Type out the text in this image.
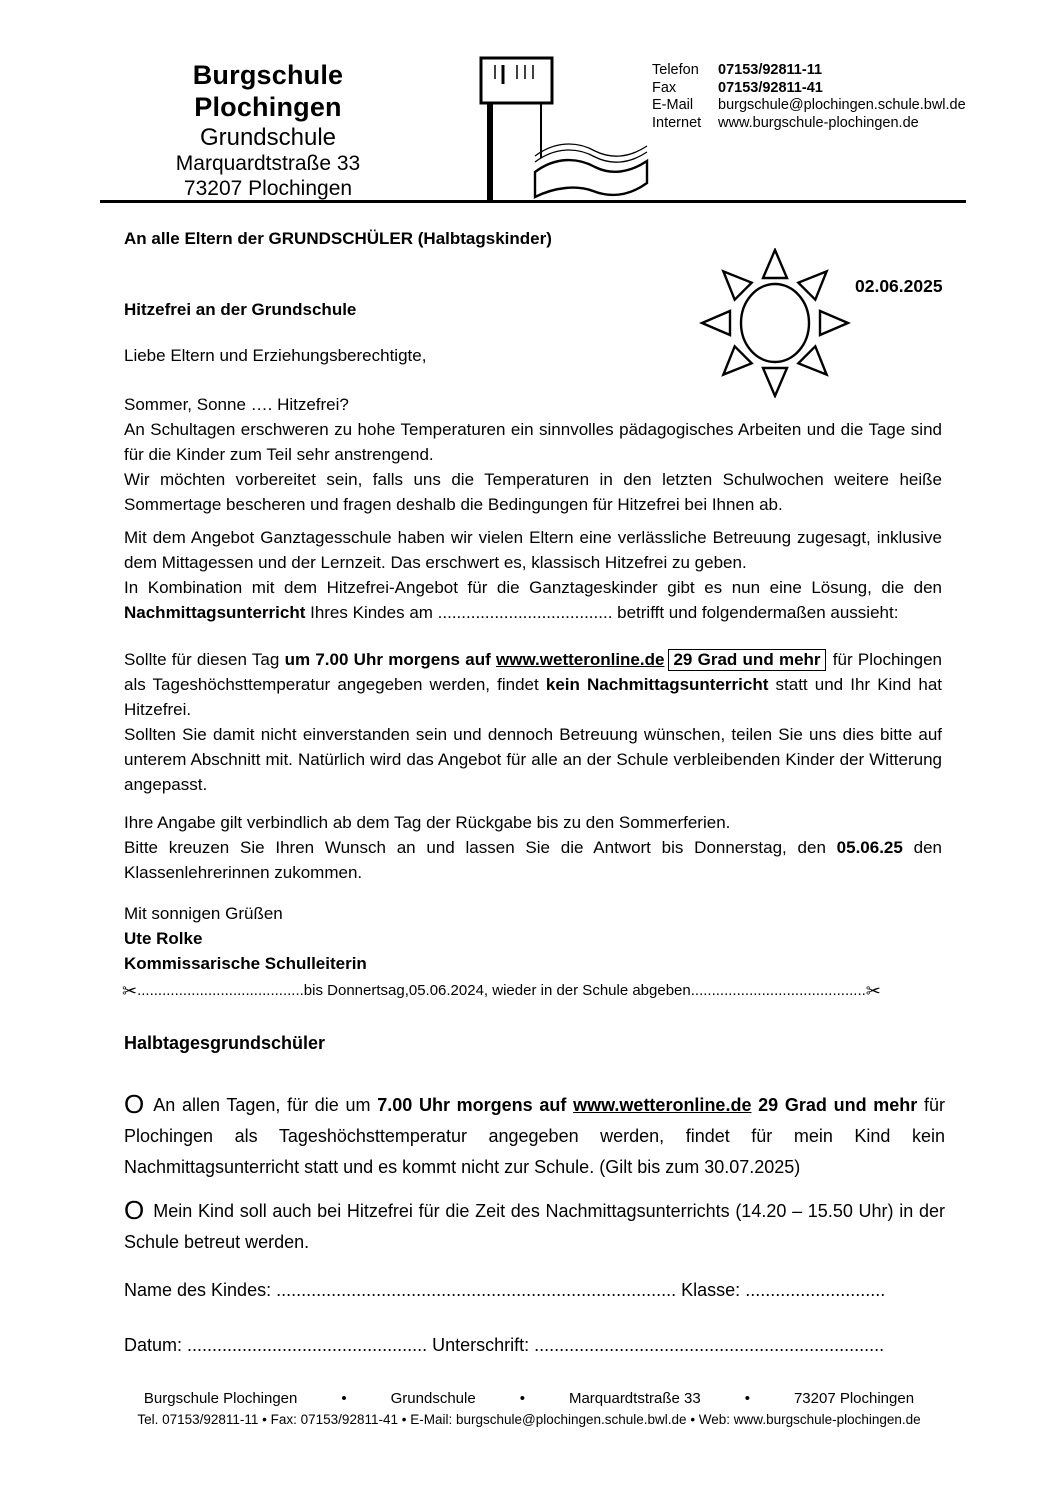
Burgschule Plochingen
Grundschule
Marquardtstraße 33
73207 Plochingen
Telefon	07153/92811-11
Fax	07153/92811-41
E-Mail	burgschule@plochingen.schule.bwl.de
Internet	www.burgschule-plochingen.de
An alle Eltern der GRUNDSCHÜLER (Halbtagskinder)
02.06.2025
Hitzefrei an der Grundschule
Liebe Eltern und Erziehungsberechtigte,

Sommer, Sonne …. Hitzefrei?

An Schultagen erschweren zu hohe Temperaturen ein sinnvolles pädagogisches Arbeiten und die Tage sind für die Kinder zum Teil sehr anstrengend.

Wir möchten vorbereitet sein, falls uns die Temperaturen in den letzten Schulwochen weitere heiße Sommertage bescheren und fragen deshalb die Bedingungen für Hitzefrei bei Ihnen ab.

Mit dem Angebot Ganztagesschule haben wir vielen Eltern eine verlässliche Betreuung zugesagt, inklusive dem Mittagessen und der Lernzeit. Das erschwert es, klassisch Hitzefrei zu geben.

In Kombination mit dem Hitzefrei-Angebot für die Ganztageskinder gibt es nun eine Lösung, die den Nachmittagsunterricht Ihres Kindes am ..................................... betrifft und folgendermaßen aussieht:

Sollte für diesen Tag um 7.00 Uhr morgens auf www.wetteronline.de 29 Grad und mehr für Plochingen als Tageshöchsttemperatur angegeben werden, findet kein Nachmittagsunterricht statt und Ihr Kind hat Hitzefrei.

Sollten Sie damit nicht einverstanden sein und dennoch Betreuung wünschen, teilen Sie uns dies bitte auf unterem Abschnitt mit. Natürlich wird das Angebot für alle an der Schule verbleibenden Kinder der Witterung angepasst.

Ihre Angabe gilt verbindlich ab dem Tag der Rückgabe bis zu den Sommerferien.

Bitte kreuzen Sie Ihren Wunsch an und lassen Sie die Antwort bis Donnerstag, den 05.06.25 den Klassenlehrerinnen zukommen.

Mit sonnigen Grüßen

Ute Rolke

Kommissarische Schulleiterin

✂........................................bis Donnertsag,05.06.2024, wieder in der Schule abgeben..........................................✂
Halbtagesgrundschüler
O An allen Tagen, für die um 7.00 Uhr morgens auf www.wetteronline.de 29 Grad und mehr für Plochingen als Tageshöchsttemperatur angegeben werden, findet für mein Kind kein Nachmittagsunterricht statt und es kommt nicht zur Schule. (Gilt bis zum 30.07.2025)
O Mein Kind soll auch bei Hitzefrei für die Zeit des Nachmittagsunterrichts (14.20 – 15.50 Uhr) in der Schule betreut werden.
Name des Kindes: ................................................................................ Klasse: ............................
Datum: ................................................ Unterschrift: ......................................................................
Burgschule Plochingen	•	Grundschule	•	Marquardtstraße 33	•	73207 Plochingen
Tel. 07153/92811-11 • Fax: 07153/92811-41 • E-Mail: burgschule@plochingen.schule.bwl.de • Web: www.burgschule-plochingen.de
